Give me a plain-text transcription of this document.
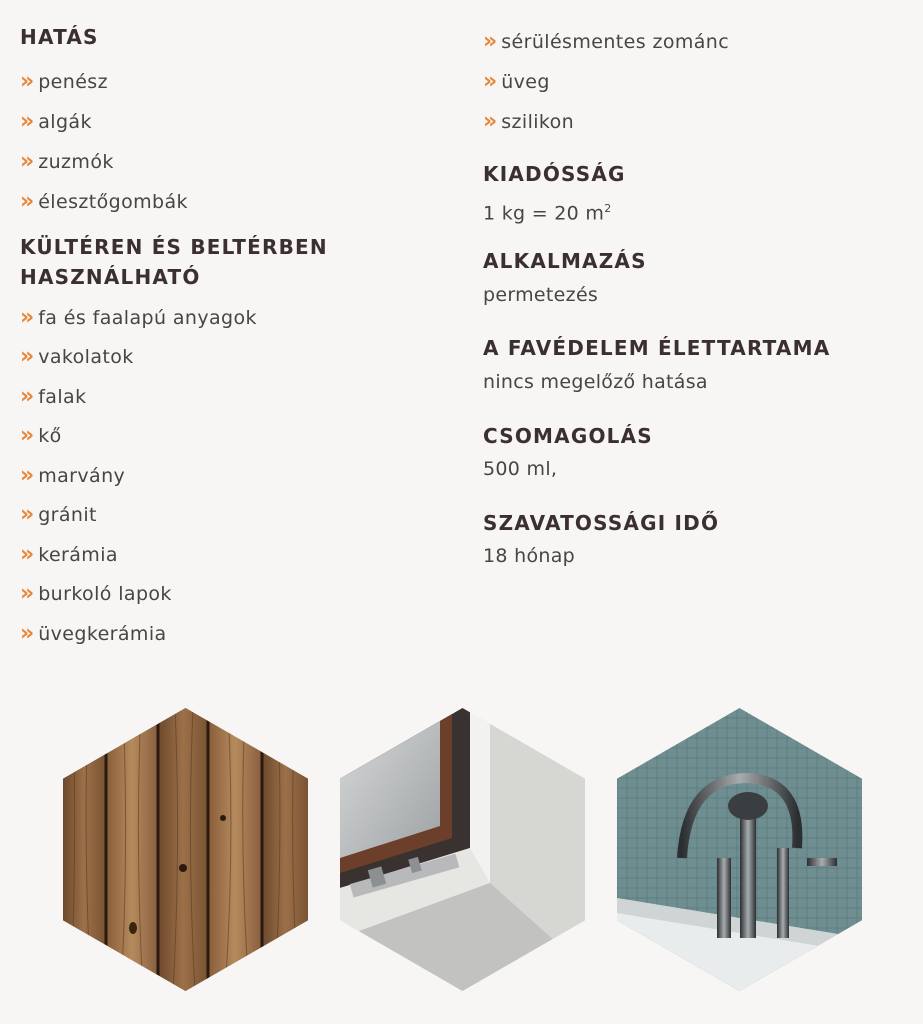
HATÁS
» penész
» algák
» zuzmók
» élesztőgombák
KÜLTÉREN ÉS BELTÉRBEN
HASZNÁLHATÓ
» fa és faalapú anyagok
» vakolatok
» falak
» kő
» marvány
» gránit
» kerámia
» burkoló lapok
» üvegkerámia
» sérülésmentes zománc
» üveg
» szilikon
KIADÓSSÁG
1 kg = 20 $m^2$
ALKALMAZÁS
permetezés
A FAVÉDELEM ÉLETTARTAMA
nincs megelőző hatása
CSOMAGOLÁS
500 ml,
SZAVATOSSÁGI IDŐ
18 hónap
